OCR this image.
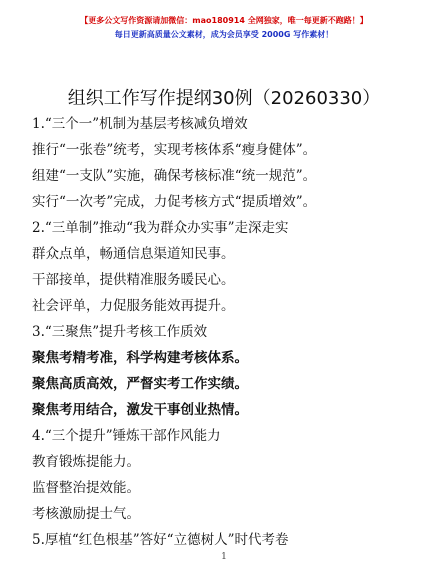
【更多公文写作资源请加微信：mao180914 全网独家，唯一每更新不跑路！】
每日更新高质量公文素材，成为会员享受 2000G 写作素材！
组织工作写作提纲30例（20260330）
1
1.“三个一”机制为基层考核减负增效
推行“一张卷”统考，实现考核体系“瘦身健体”。
组建“一支队”实施，确保考核标准“统一规范”。
实行“一次考”完成，力促考核方式“提质增效”。
2.“三单制”推动“我为群众办实事”走深走实
群众点单，畅通信息渠道知民事。
干部接单，提供精准服务暖民心。
社会评单，力促服务能效再提升。
3.“三聚焦”提升考核工作质效
聚焦考精考准，科学构建考核体系。
聚焦高质高效，严督实考工作实绩。
聚焦考用结合，激发干事创业热情。
4.“三个提升”锤炼干部作风能力
教育锻炼提能力。
监督整治提效能。
考核激励提士气。
5.厚植“红色根基”答好“立德树人”时代考卷
